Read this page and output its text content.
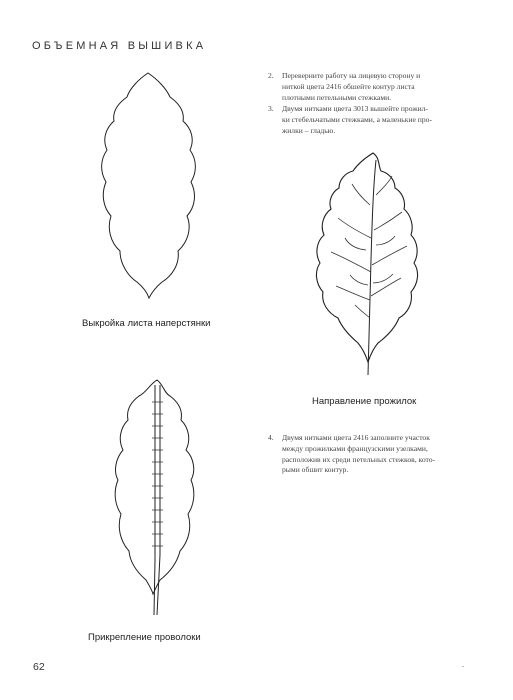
ОБЪЕМНАЯ ВЫШИВКА
Выкройка листа наперстянки
Направление прожилок
Прикрепление проволоки
2. Переверните работу на лицевую сторону и
ниткой цвета 2416 обшейте контур листа
плотными петельными стежками.
3. Двумя нитками цвета 3013 вышейте прожил-
ки стебельчатыми стежками, а маленькие про-
жилки – гладью.
4. Двумя нитками цвета 2416 заполните участок
между прожилками французскими узелками,
расположив их среди петельных стежков, кото-
рыми обшит контур.
62
